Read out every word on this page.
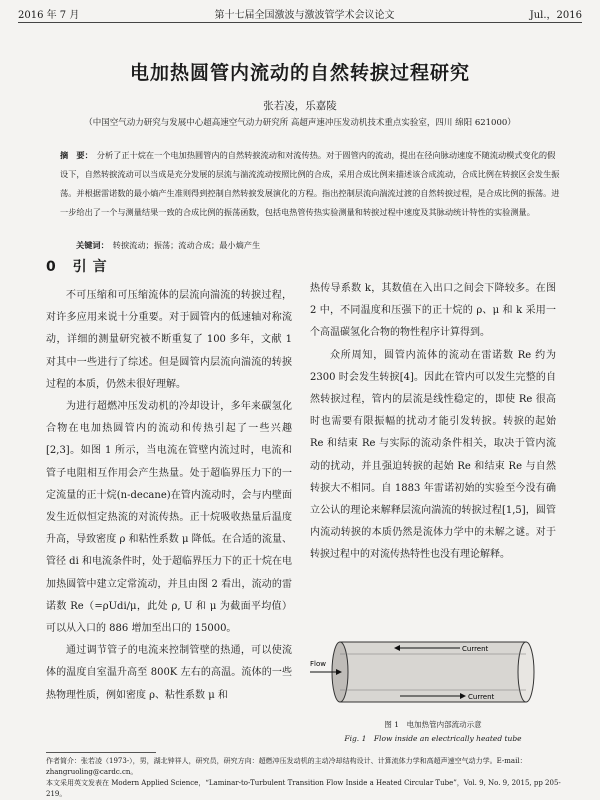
2016 年 7 月	第十七届全国激波与激波管学术会议论文	Jul.，2016
电加热圆管内流动的自然转捩过程研究
张若凌，乐嘉陵
（中国空气动力研究与发展中心超高速空气动力研究所 高超声速冲压发动机技术重点实验室，四川 绵阳 621000）
摘　要： 分析了正十烷在一个电加热圆管内的自然转捩流动和对流传热。对于圆管内的流动，提出在径向脉动速度不随流动模式变化的假设下，自然转捩流动可以当成是充分发展的层流与湍流流动按照比例的合成，采用合成比例来描述该合成流动，合成比例在转捩区会发生振荡。并根据雷诺数的最小熵产生准则得到控制自然转捩发展演化的方程。指出控制层流向湍流过渡的自然转捩过程，是合成比例的振荡。进一步给出了一个与测量结果一致的合成比例的振荡函数，包括电热管传热实验测量和转捩过程中速度及其脉动统计特性的实验测量。
关键词： 转捩流动；振荡；流动合成；最小熵产生
0 引言

不可压缩和可压缩流体的层流向湍流的转捩过程，对许多应用来说十分重要。对于圆管内的低速轴对称流动，详细的测量研究被不断重复了 100 多年，文献 1 对其中一些进行了综述。但是圆管内层流向湍流的转捩过程的本质，仍然未很好理解。

为进行超燃冲压发动机的冷却设计，多年来碳氢化合物在电加热圆管内的流动和传热引起了一些兴趣[2,3]。如图 1 所示，当电流在管壁内流过时，电流和管子电阻相互作用会产生热量。处于超临界压力下的一定流量的正十烷(n-decane)在管内流动时，会与内壁面发生近似恒定热流的对流传热。正十烷吸收热量后温度升高，导致密度 ρ 和粘性系数 μ 降低。在合适的流量、管径 di 和电流条件时，处于超临界压力下的正十烷在电加热圆管中建立定常流动，并且由图 2 看出，流动的雷诺数 Re（=ρUdi/μ，此处 ρ, U 和 μ 为截面平均值）可以从入口的 886 增加至出口的 15000。

通过调节管子的电流来控制管壁的热通，可以使流体的温度自室温升高至 800K 左右的高温。流体的一些热物理性质，例如密度 ρ、粘性系数 μ 和

热传导系数 k，其数值在入出口之间会下降较多。在图 2 中，不同温度和压强下的正十烷的 ρ、μ 和 k 采用一个高温碳氢化合物的物性程序计算得到。

众所周知，圆管内流体的流动在雷诺数 Re 约为 2300 时会发生转捩[4]。因此在管内可以发生完整的自然转捩过程，管内的层流是线性稳定的，即使 Re 很高时也需要有限振幅的扰动才能引发转捩。转捩的起始 Re 和结束 Re 与实际的流动条件相关，取决于管内流动的扰动，并且强迫转捩的起始 Re 和结束 Re 与自然转捩大不相同。自 1883 年雷诺初始的实验至今没有确立公认的理论来解释层流向湍流的转捩过程[1,5]，圆管内流动转捩的本质仍然是流体力学中的未解之谜。对于转捩过程中的对流传热特性也没有理论解释。

Current
Current
Flow
图 1　电加热管内部流动示意
Fig. 1　Flow inside an electrically heated tube

作者简介：张若凌（1973-），男，湖北钟祥人，研究员，研究方向：超燃冲压发动机的主动冷却结构设计、计算流体力学和高超声速空气动力学。E-mail：zhangruoling@cardc.cn。

本文采用英文发表在 Modern Applied Science，“Laminar-to-Turbulent Transition Flow Inside a Heated Circular Tube”，Vol. 9, No. 9, 2015, pp 205-219。
